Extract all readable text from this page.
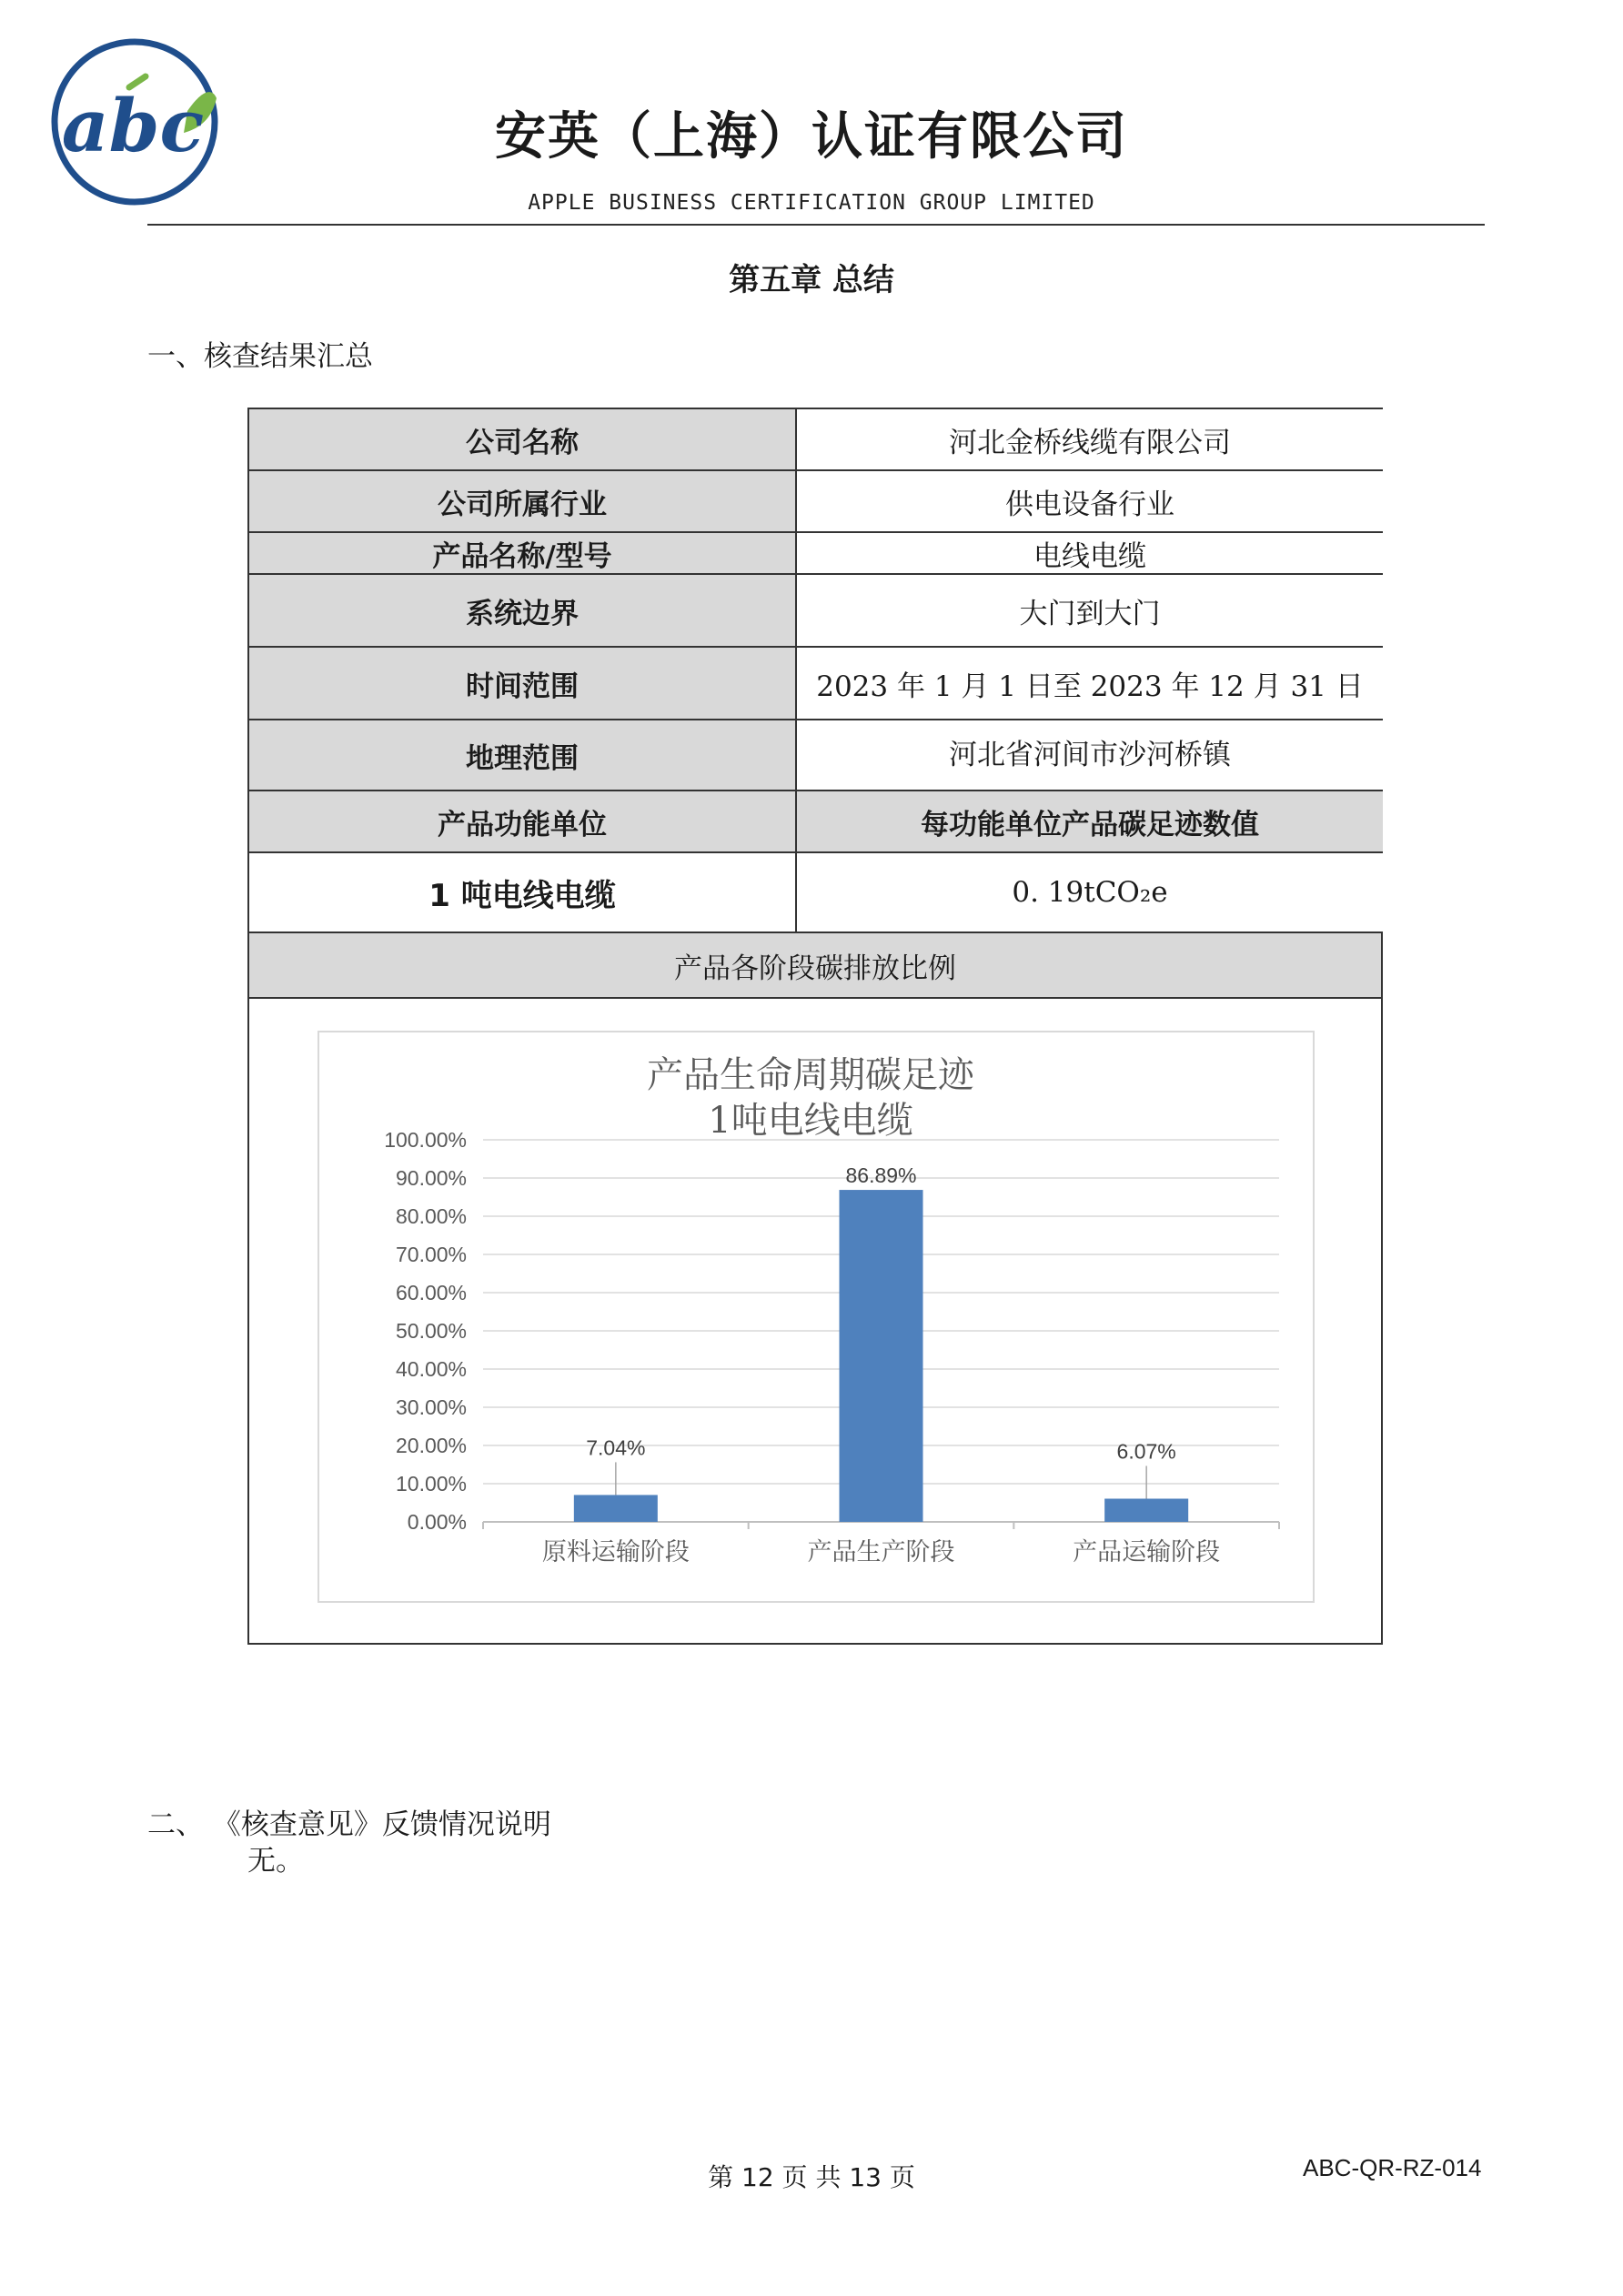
abc	安英（上海）认证有限公司
APPLE BUSINESS CERTIFICATION GROUP LIMITED
第五章 总结
一、核查结果汇总
公司名称	河北金桥线缆有限公司
公司所属行业	供电设备行业
产品名称/型号	电线电缆
系统边界	大门到大门
时间范围	2023 年 1 月 1 日至 2023 年 12 月 31 日
地理范围	河北省河间市沙河桥镇
产品功能单位	每功能单位产品碳足迹数值
1 吨电线电缆	0. 19tCO₂e
产品各阶段碳排放比例
产品生命周期碳足迹
1吨电线电缆
0.00%
10.00%
20.00%
30.00%
40.00%
50.00%
60.00%
70.00%
80.00%
90.00%
100.00%
7.04%
原料运输阶段
86.89%
产品生产阶段
6.07%
产品运输阶段
二、 《核查意见》反馈情况说明
无。
第 12 页 共 13 页	ABC-QR-RZ-014
